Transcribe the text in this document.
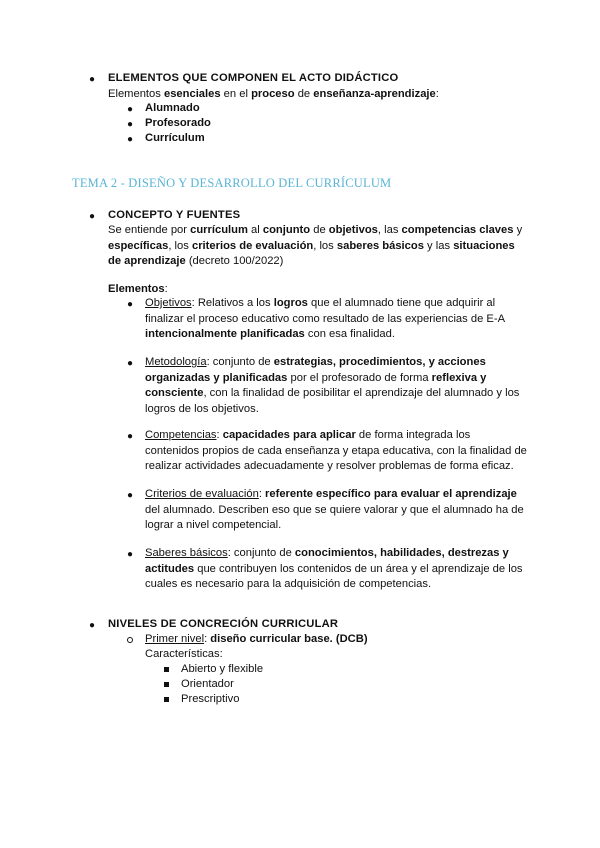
● ELEMENTOS QUE COMPONEN EL ACTO DIDÁCTICO
Elementos esenciales en el proceso de enseñanza-aprendizaje:
● Alumnado
● Profesorado
● Currículum
TEMA 2 - DISEÑO Y DESARROLLO DEL CURRÍCULUM
● CONCEPTO Y FUENTES
Se entiende por currículum al conjunto de objetivos, las competencias claves y específicas, los criterios de evaluación, los saberes básicos y las situaciones de aprendizaje (decreto 100/2022)
Elementos:
● Objetivos: Relativos a los logros que el alumnado tiene que adquirir al finalizar el proceso educativo como resultado de las experiencias de E-A intencionalmente planificadas con esa finalidad.
● Metodología: conjunto de estrategias, procedimientos, y acciones organizadas y planificadas por el profesorado de forma reflexiva y consciente, con la finalidad de posibilitar el aprendizaje del alumnado y los logros de los objetivos.
● Competencias: capacidades para aplicar de forma integrada los contenidos propios de cada enseñanza y etapa educativa, con la finalidad de realizar actividades adecuadamente y resolver problemas de forma eficaz.
● Criterios de evaluación: referente específico para evaluar el aprendizaje del alumnado. Describen eso que se quiere valorar y que el alumnado ha de lograr a nivel competencial.
● Saberes básicos: conjunto de conocimientos, habilidades, destrezas y actitudes que contribuyen los contenidos de un área y el aprendizaje de los cuales es necesario para la adquisición de competencias.
● NIVELES DE CONCRECIÓN CURRICULAR
Primer nivel: diseño curricular base. (DCB)
Características:
Abierto y flexible
Orientador
Prescriptivo
